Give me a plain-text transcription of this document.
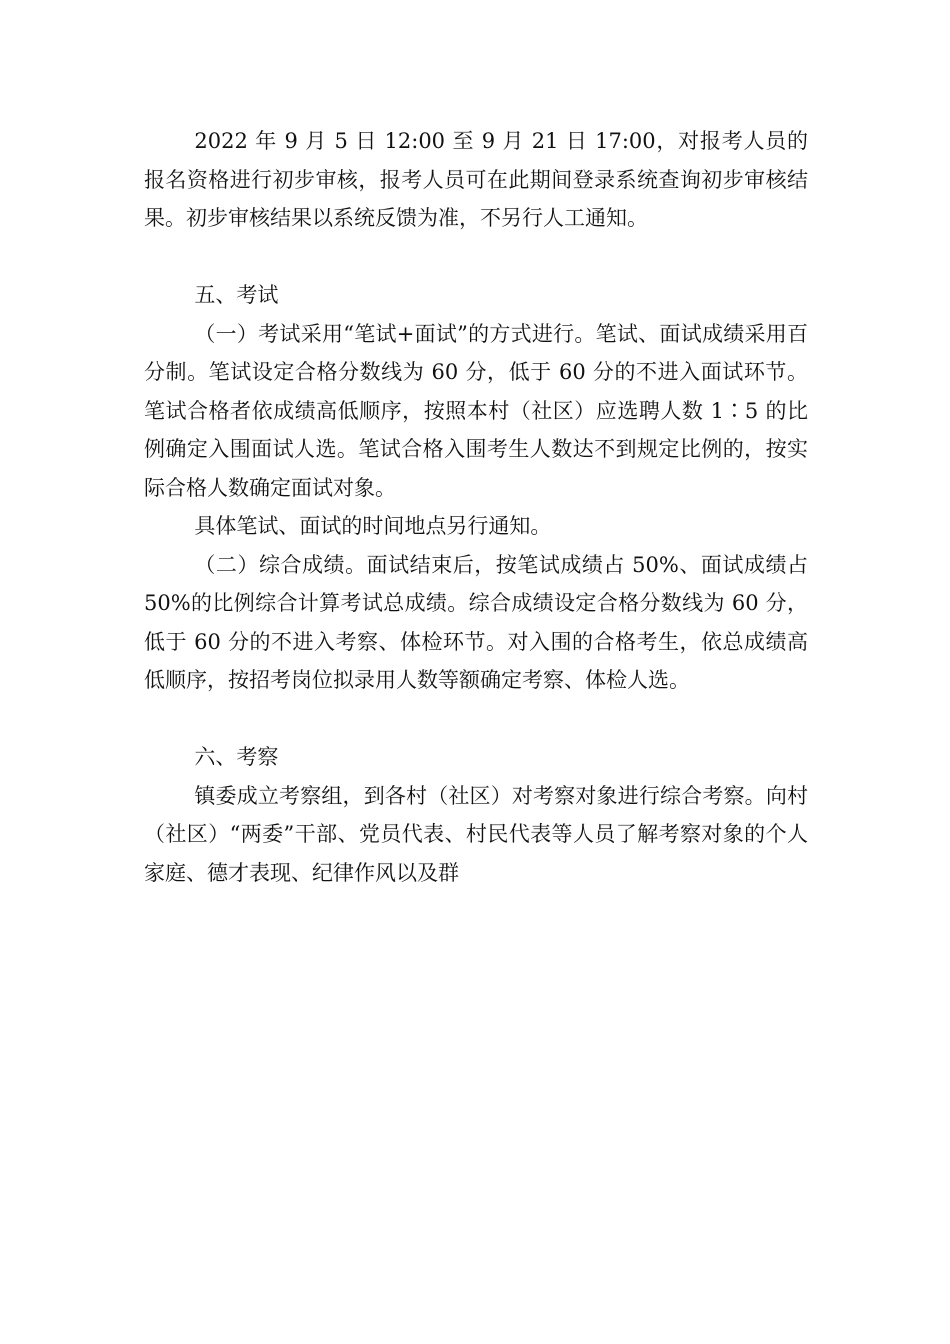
2022 年 9 月 5 日 12:00 至 9 月 21 日 17:00，对报考人员的报名资格进行初步审核，报考人员可在此期间登录系统查询初步审核结果。初步审核结果以系统反馈为准，不另行人工通知。

五、考试

（一）考试采用“笔试+面试”的方式进行。笔试、面试成绩采用百分制。笔试设定合格分数线为 60 分，低于 60 分的不进入面试环节。笔试合格者依成绩高低顺序，按照本村（社区）应选聘人数 1∶5 的比例确定入围面试人选。笔试合格入围考生人数达不到规定比例的，按实际合格人数确定面试对象。

具体笔试、面试的时间地点另行通知。

（二）综合成绩。面试结束后，按笔试成绩占 50%、面试成绩占 50%的比例综合计算考试总成绩。综合成绩设定合格分数线为 60 分，低于 60 分的不进入考察、体检环节。对入围的合格考生，依总成绩高低顺序，按招考岗位拟录用人数等额确定考察、体检人选。

六、考察

镇委成立考察组，到各村（社区）对考察对象进行综合考察。向村（社区）“两委”干部、党员代表、村民代表等人员了解考察对象的个人家庭、德才表现、纪律作风以及群
